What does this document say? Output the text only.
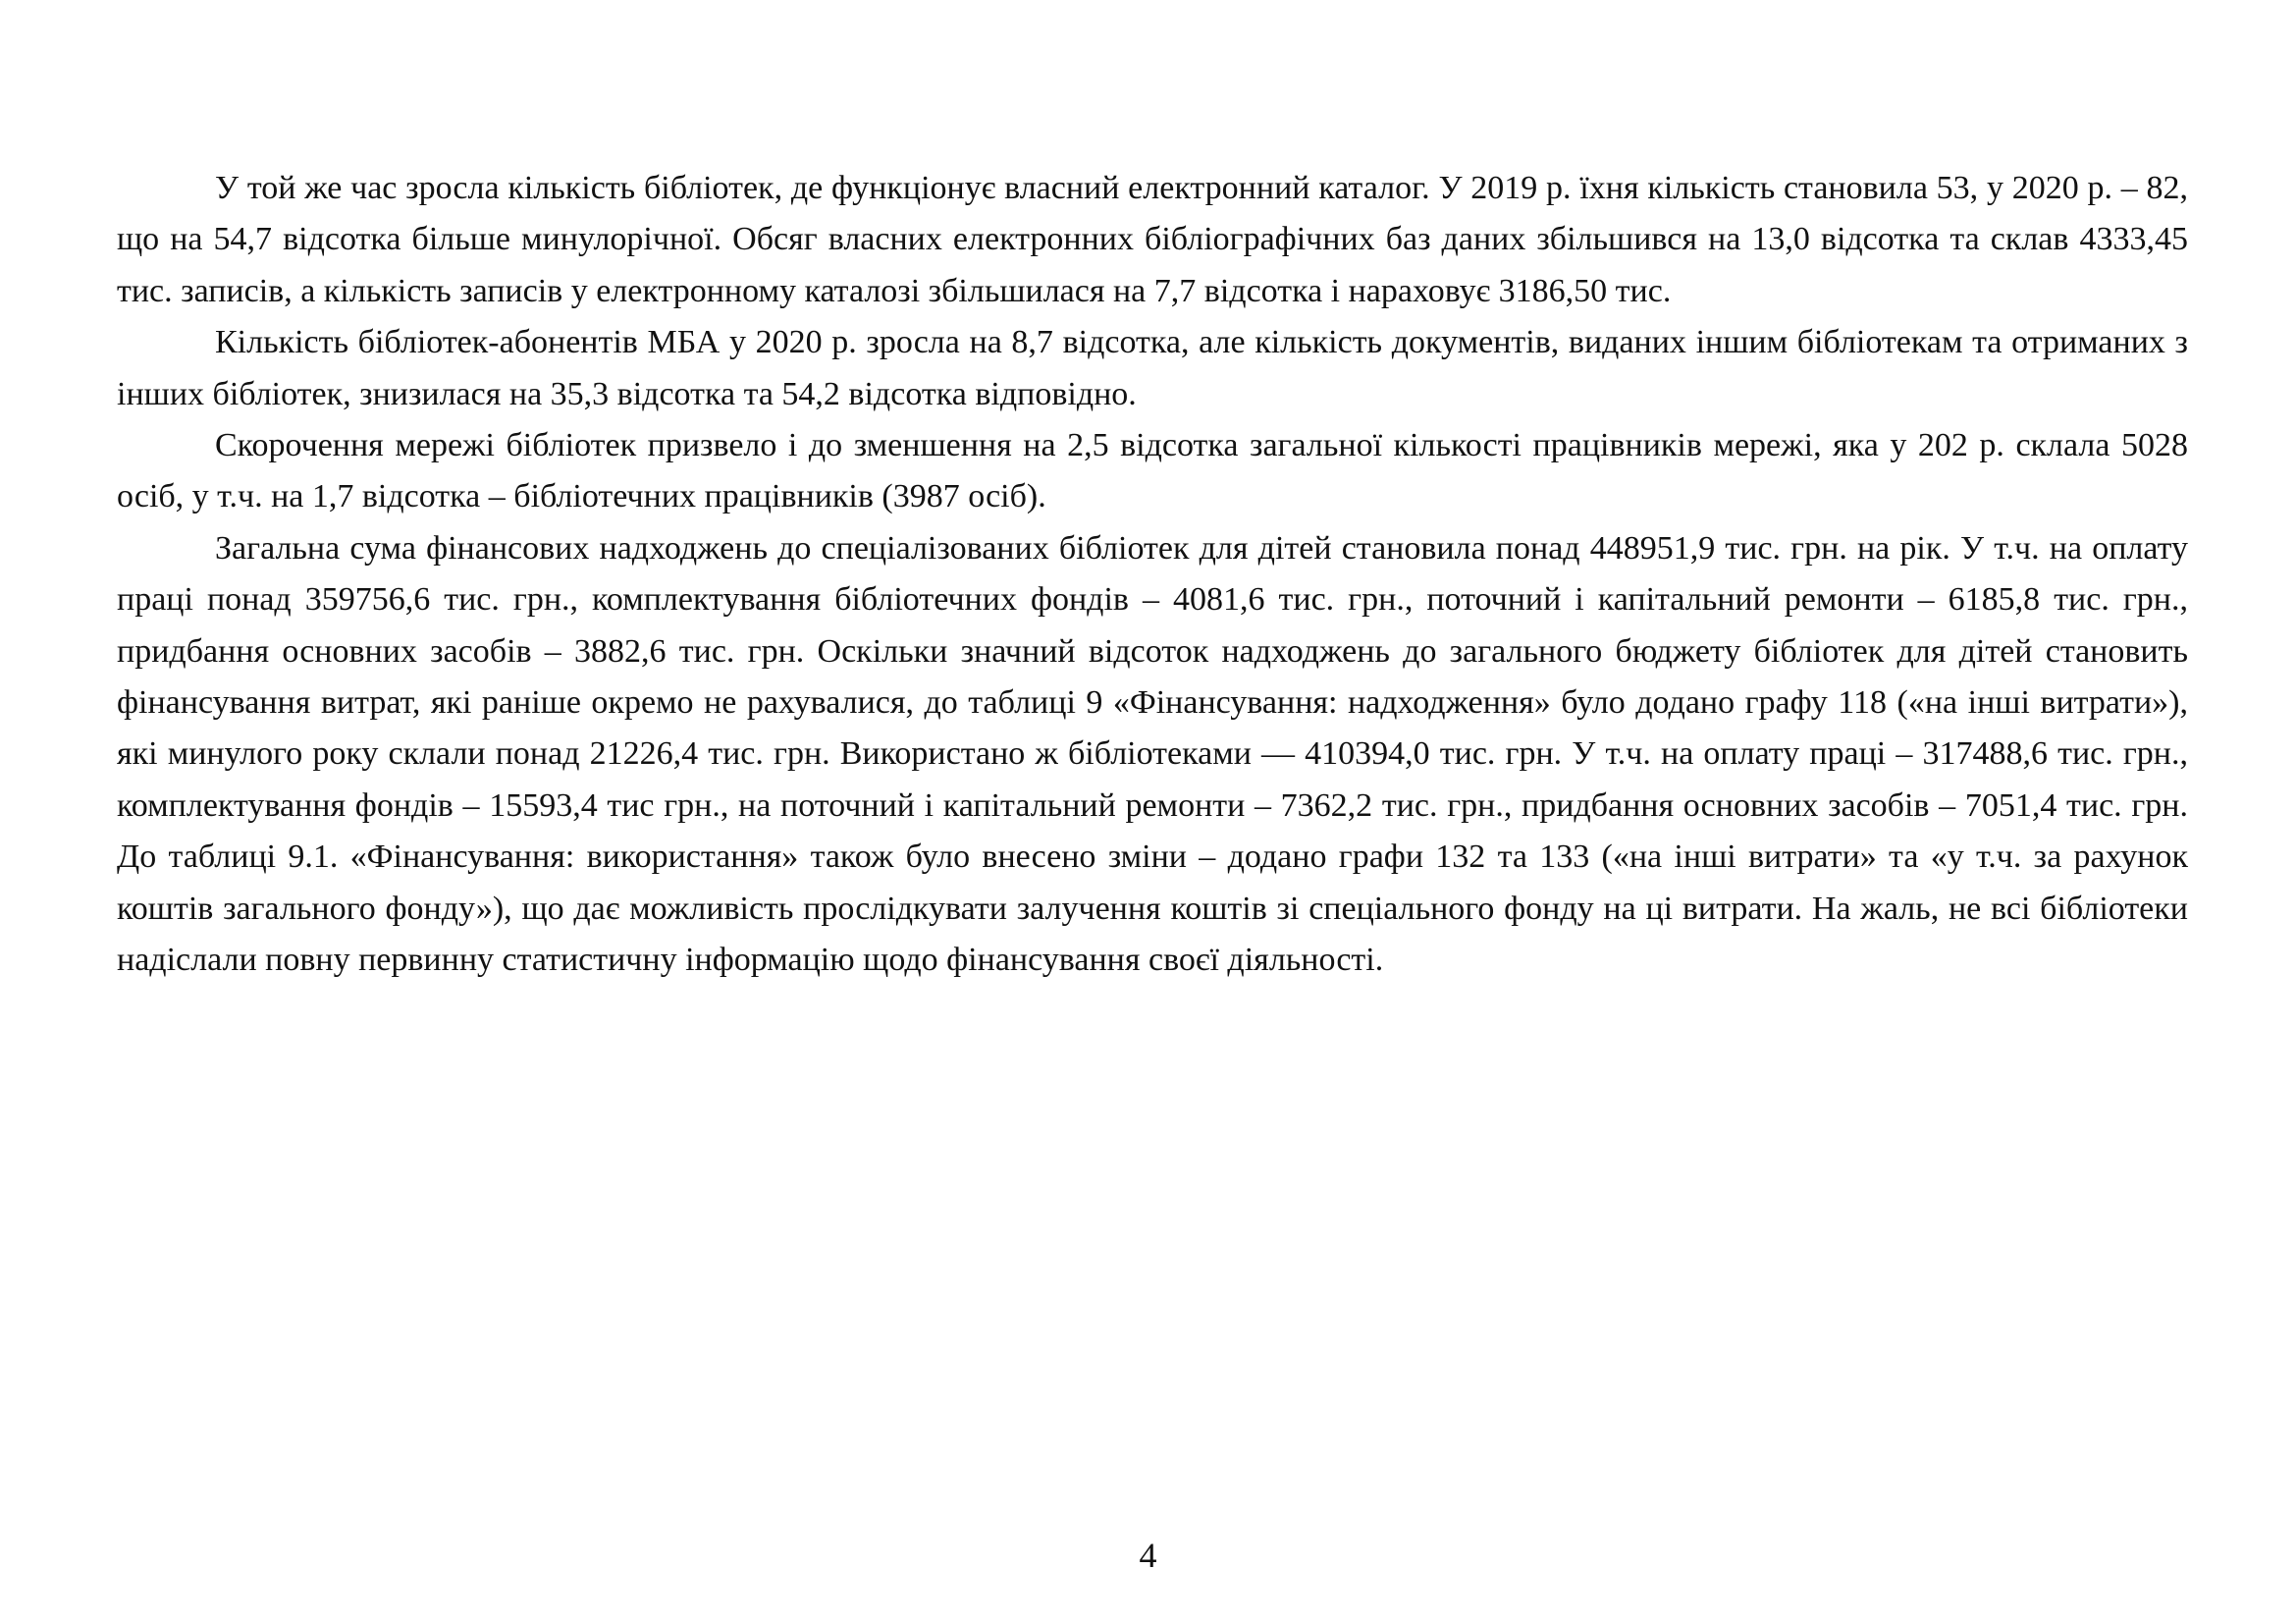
У той же час зросла кількість бібліотек, де функціонує власний електронний каталог. У 2019 р. їхня кількість становила 53, у 2020 р. – 82, що на 54,7 відсотка більше минулорічної. Обсяг власних електронних бібліографічних баз даних збільшився на 13,0 відсотка та склав 4333,45 тис. записів, а кількість записів у електронному каталозі збільшилася на 7,7 відсотка і нараховує 3186,50 тис.

Кількість бібліотек-абонентів МБА у 2020 р. зросла на 8,7 відсотка, але кількість документів, виданих іншим бібліотекам та отриманих з інших бібліотек, знизилася на 35,3 відсотка та 54,2 відсотка відповідно.

Скорочення мережі бібліотек призвело і до зменшення на 2,5 відсотка загальної кількості працівників мережі, яка у 202 р. склала 5028 осіб, у т.ч. на 1,7 відсотка – бібліотечних працівників (3987 осіб).

Загальна сума фінансових надходжень до спеціалізованих бібліотек для дітей становила понад 448951,9 тис. грн. на рік. У т.ч. на оплату праці понад 359756,6 тис. грн., комплектування бібліотечних фондів – 4081,6 тис. грн., поточний і капітальний ремонти – 6185,8 тис. грн., придбання основних засобів – 3882,6 тис. грн. Оскільки значний відсоток надходжень до загального бюджету бібліотек для дітей становить фінансування витрат, які раніше окремо не рахувалися, до таблиці 9 «Фінансування: надходження» було додано графу 118 («на інші витрати»), які минулого року склали понад 21226,4 тис. грн. Використано ж бібліотеками — 410394,0 тис. грн. У т.ч. на оплату праці – 317488,6 тис. грн., комплектування фондів – 15593,4 тис грн., на поточний і капітальний ремонти – 7362,2 тис. грн., придбання основних засобів – 7051,4 тис. грн. До таблиці 9.1. «Фінансування: використання» також було внесено зміни – додано графи 132 та 133 («на інші витрати» та «у т.ч. за рахунок коштів загального фонду»), що дає можливість прослідкувати залучення коштів зі спеціального фонду на ці витрати. На жаль, не всі бібліотеки надіслали повну первинну статистичну інформацію щодо фінансування своєї діяльності.

4
